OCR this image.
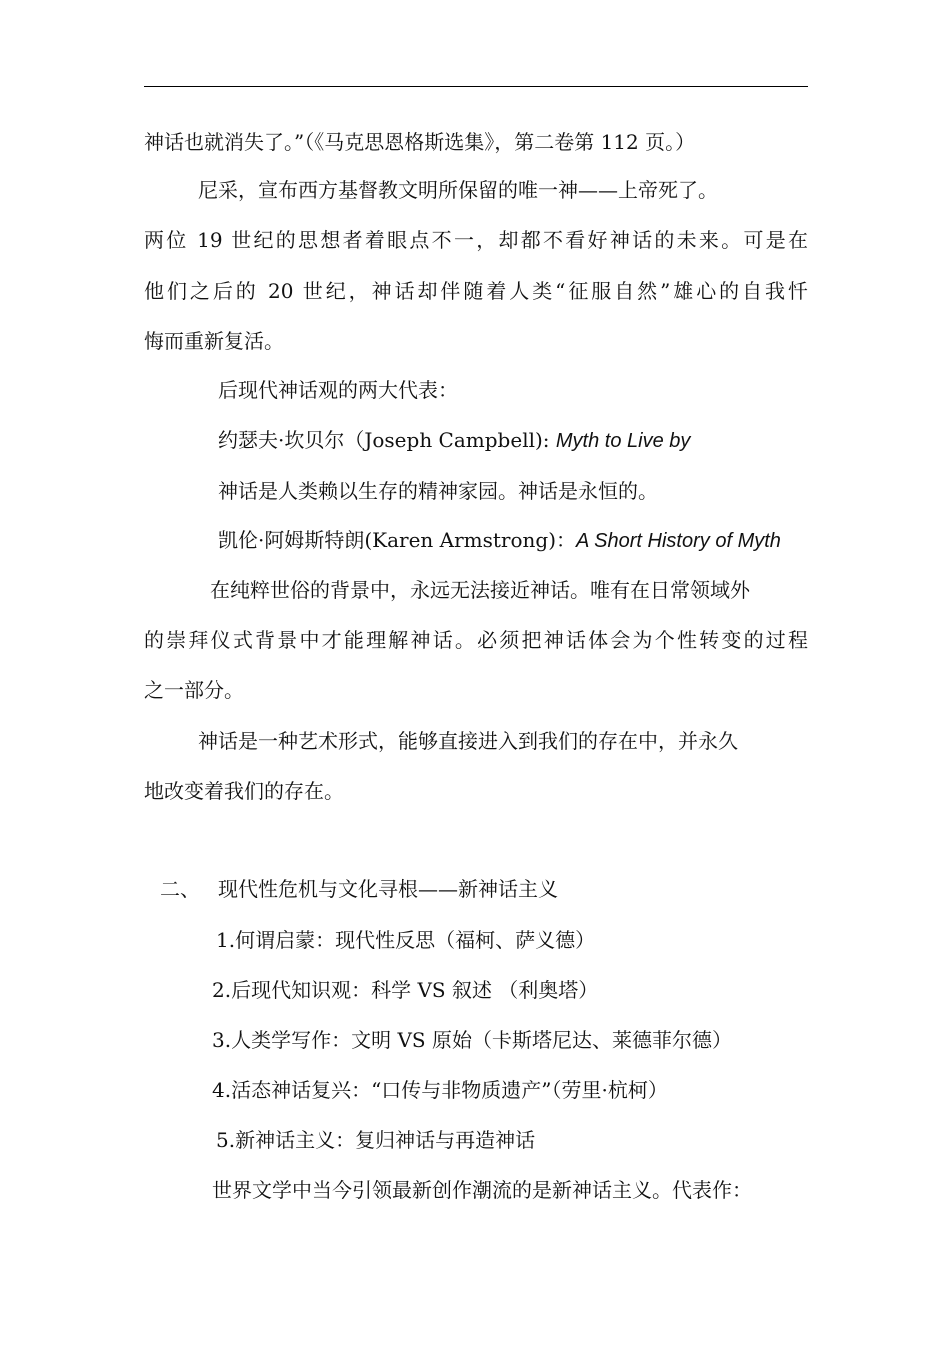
神话也就消失了。”（《马克思恩格斯选集》，第二卷第 112 页。）
尼采，宣布西方基督教文明所保留的唯一神——上帝死了。
两位 19 世纪的思想者着眼点不一，却都不看好神话的未来。可是在
他们之后的 20 世纪，神话却伴随着人类“征服自然”雄心的自我忏
悔而重新复活。
后现代神话观的两大代表：
约瑟夫·坎贝尔（Joseph Campbell): Myth to Live by
神话是人类赖以生存的精神家园。神话是永恒的。
凯伦·阿姆斯特朗(Karen Armstrong)：A Short History of Myth
在纯粹世俗的背景中，永远无法接近神话。唯有在日常领域外
的崇拜仪式背景中才能理解神话。必须把神话体会为个性转变的过程
之一部分。
神话是一种艺术形式，能够直接进入到我们的存在中，并永久
地改变着我们的存在。
二、 现代性危机与文化寻根——新神话主义
1.何谓启蒙：现代性反思（福柯、萨义德）
2.后现代知识观：科学 VS 叙述 （利奥塔）
3.人类学写作：文明 VS 原始（卡斯塔尼达、莱德菲尔德）
4.活态神话复兴：“口传与非物质遗产”（劳里·杭柯）
5.新神话主义：复归神话与再造神话
世界文学中当今引领最新创作潮流的是新神话主义。代表作：
